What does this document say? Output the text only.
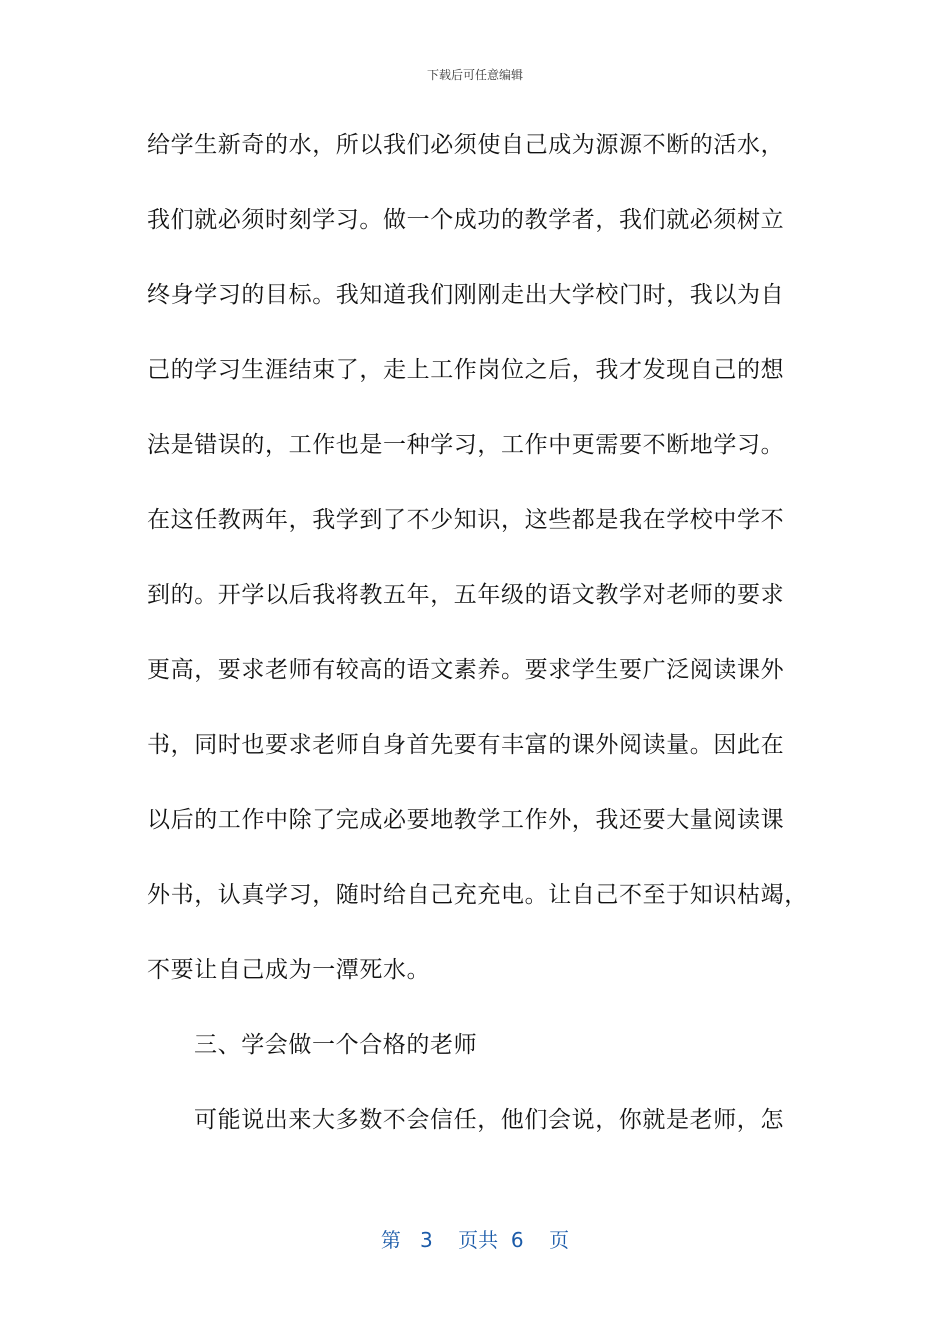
下载后可任意编辑
给学生新奇的水，所以我们必须使自己成为源源不断的活水，
我们就必须时刻学习。做一个成功的教学者，我们就必须树立
终身学习的目标。我知道我们刚刚走出大学校门时，我以为自
己的学习生涯结束了，走上工作岗位之后，我才发现自己的想
法是错误的，工作也是一种学习，工作中更需要不断地学习。
在这任教两年，我学到了不少知识，这些都是我在学校中学不
到的。开学以后我将教五年，五年级的语文教学对老师的要求
更高，要求老师有较高的语文素养。要求学生要广泛阅读课外
书，同时也要求老师自身首先要有丰富的课外阅读量。因此在
以后的工作中除了完成必要地教学工作外，我还要大量阅读课
外书，认真学习，随时给自己充充电。让自己不至于知识枯竭，
不要让自己成为一潭死水。
三、学会做一个合格的老师
可能说出来大多数不会信任，他们会说，你就是老师，怎
第 3 页共 6 页
